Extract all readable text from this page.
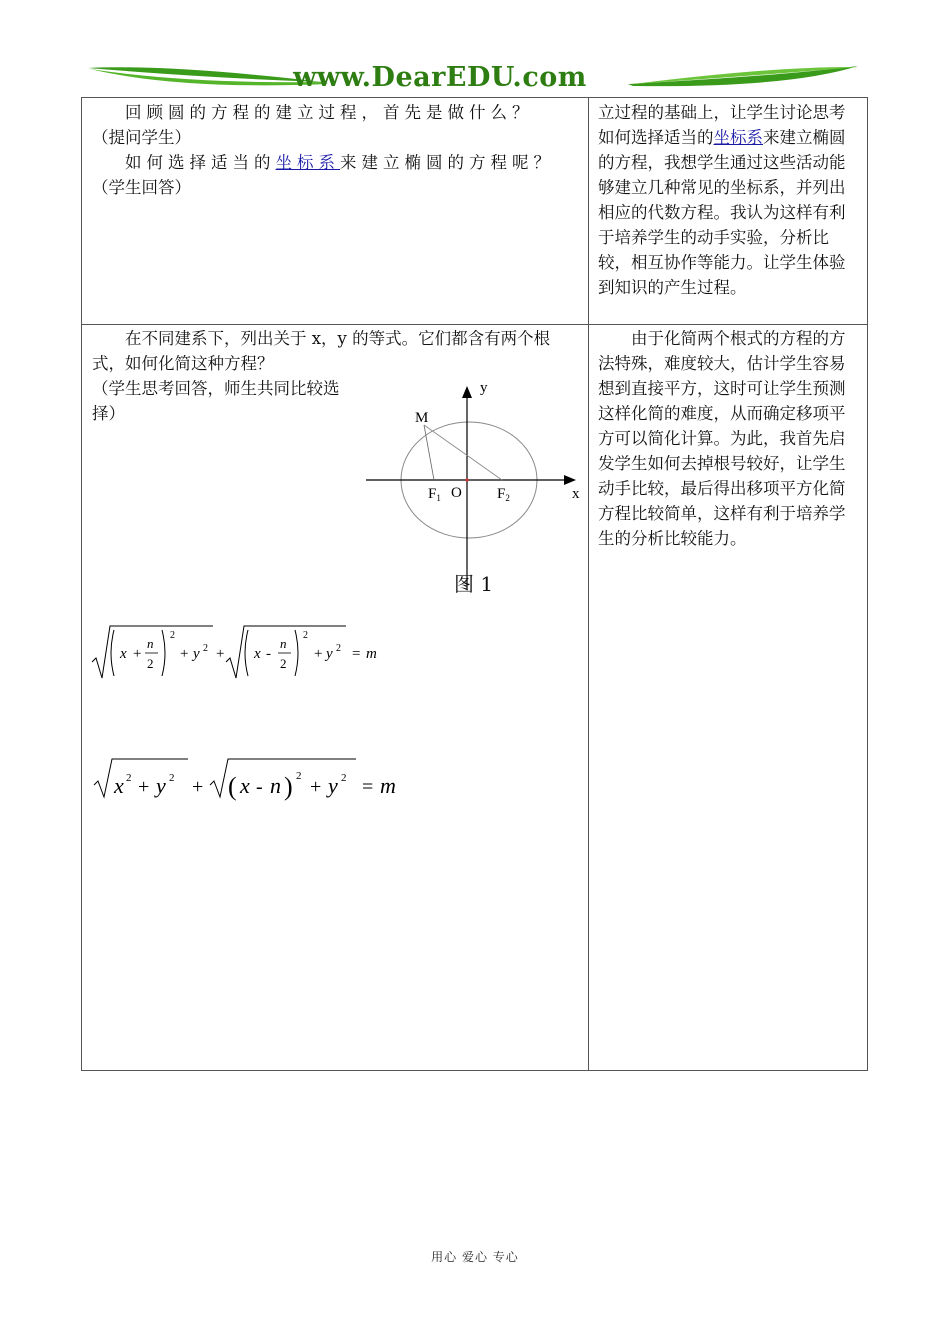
www.DearEDU.com
回顾圆的方程的建立过程，首先是做什么？
（提问学生）
如何选择适当的坐标系来建立椭圆的方程呢？
（学生回答）
立过程的基础上，让学生讨论思考如何选择适当的坐标系来建立椭圆的方程，我想学生通过这些活动能够建立几种常见的坐标系，并列出相应的代数方程。我认为这样有利于培养学生的动手实验，分析比较，相互协作等能力。让学生体验到知识的产生过程。
在不同建系下，列出关于 x，y 的等式。它们都含有两个根式，如何化简这种方程？
（学生思考回答，师生共同比较选择）
y
x
M
$F_1$ O $F_2$
图 1
x +
n
2
2
+ y 2 + x -
n
2
2
+ y 2 = m
x 2 + y 2 + ( x - n ) 2 + y 2 = m
由于化简两个根式的方程的方法特殊，难度较大，估计学生容易想到直接平方，这时可让学生预测这样化简的难度，从而确定移项平方可以简化计算。为此，我首先启发学生如何去掉根号较好，让学生动手比较，最后得出移项平方化简方程比较简单，这样有利于培养学生的分析比较能力。
用心 爱心 专心
